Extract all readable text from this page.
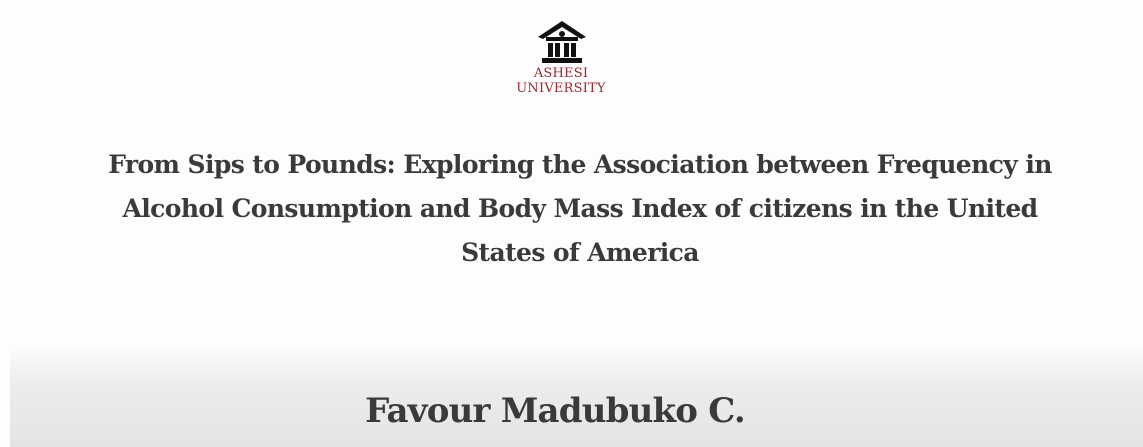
ASHESI
UNIVERSITY
From Sips to Pounds: Exploring the Association between Frequency in
Alcohol Consumption and Body Mass Index of citizens in the United
States of America
Favour Madubuko C.
